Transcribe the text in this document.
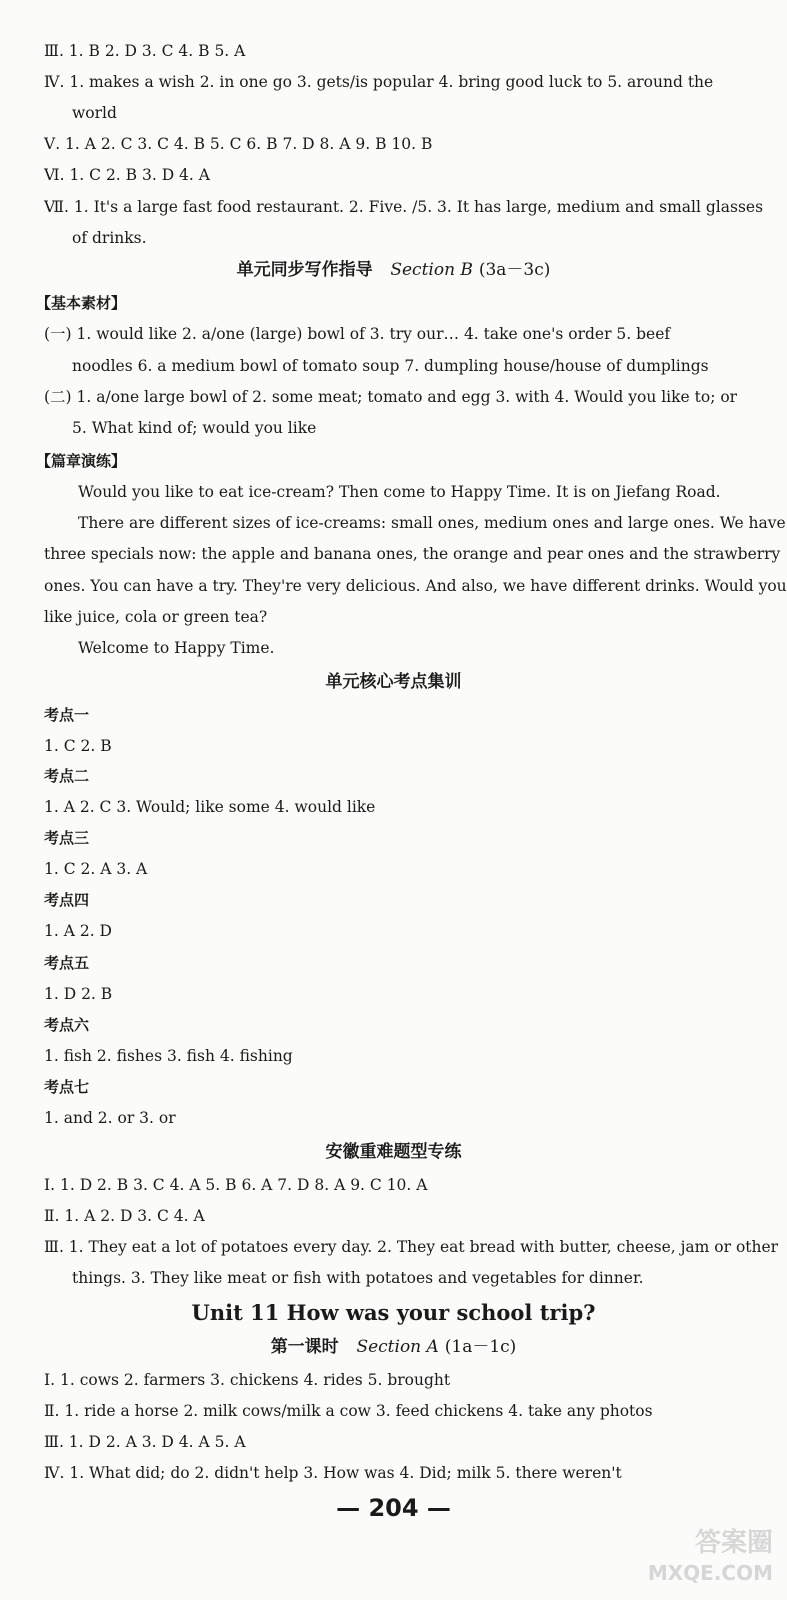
Ⅲ. 1. B 2. D 3. C 4. B 5. A
Ⅳ. 1. makes a wish 2. in one go 3. gets/is popular 4. bring good luck to 5. around the
world
Ⅴ. 1. A 2. C 3. C 4. B 5. C 6. B 7. D 8. A 9. B 10. B
Ⅵ. 1. C 2. B 3. D 4. A
Ⅶ. 1. It's a large fast food restaurant. 2. Five. /5. 3. It has large, medium and small glasses
of drinks.
单元同步写作指导 Section B (3a－3c)
【基本素材】
(一) 1. would like 2. a/one (large) bowl of 3. try our… 4. take one's order 5. beef
noodles 6. a medium bowl of tomato soup 7. dumpling house/house of dumplings
(二) 1. a/one large bowl of 2. some meat; tomato and egg 3. with 4. Would you like to; or
5. What kind of; would you like
【篇章演练】
Would you like to eat ice-cream? Then come to Happy Time. It is on Jiefang Road.
There are different sizes of ice-creams: small ones, medium ones and large ones. We have
three specials now: the apple and banana ones, the orange and pear ones and the strawberry
ones. You can have a try. They're very delicious. And also, we have different drinks. Would you
like juice, cola or green tea?
Welcome to Happy Time.
单元核心考点集训
考点一
1. C 2. B
考点二
1. A 2. C 3. Would; like some 4. would like
考点三
1. C 2. A 3. A
考点四
1. A 2. D
考点五
1. D 2. B
考点六
1. fish 2. fishes 3. fish 4. fishing
考点七
1. and 2. or 3. or
安徽重难题型专练
Ⅰ. 1. D 2. B 3. C 4. A 5. B 6. A 7. D 8. A 9. C 10. A
Ⅱ. 1. A 2. D 3. C 4. A
Ⅲ. 1. They eat a lot of potatoes every day. 2. They eat bread with butter, cheese, jam or other
things. 3. They like meat or fish with potatoes and vegetables for dinner.
Unit 11 How was your school trip?
第一课时 Section A (1a－1c)
Ⅰ. 1. cows 2. farmers 3. chickens 4. rides 5. brought
Ⅱ. 1. ride a horse 2. milk cows/milk a cow 3. feed chickens 4. take any photos
Ⅲ. 1. D 2. A 3. D 4. A 5. A
Ⅳ. 1. What did; do 2. didn't help 3. How was 4. Did; milk 5. there weren't
— 204 —
答案圈
MXQE.COM
